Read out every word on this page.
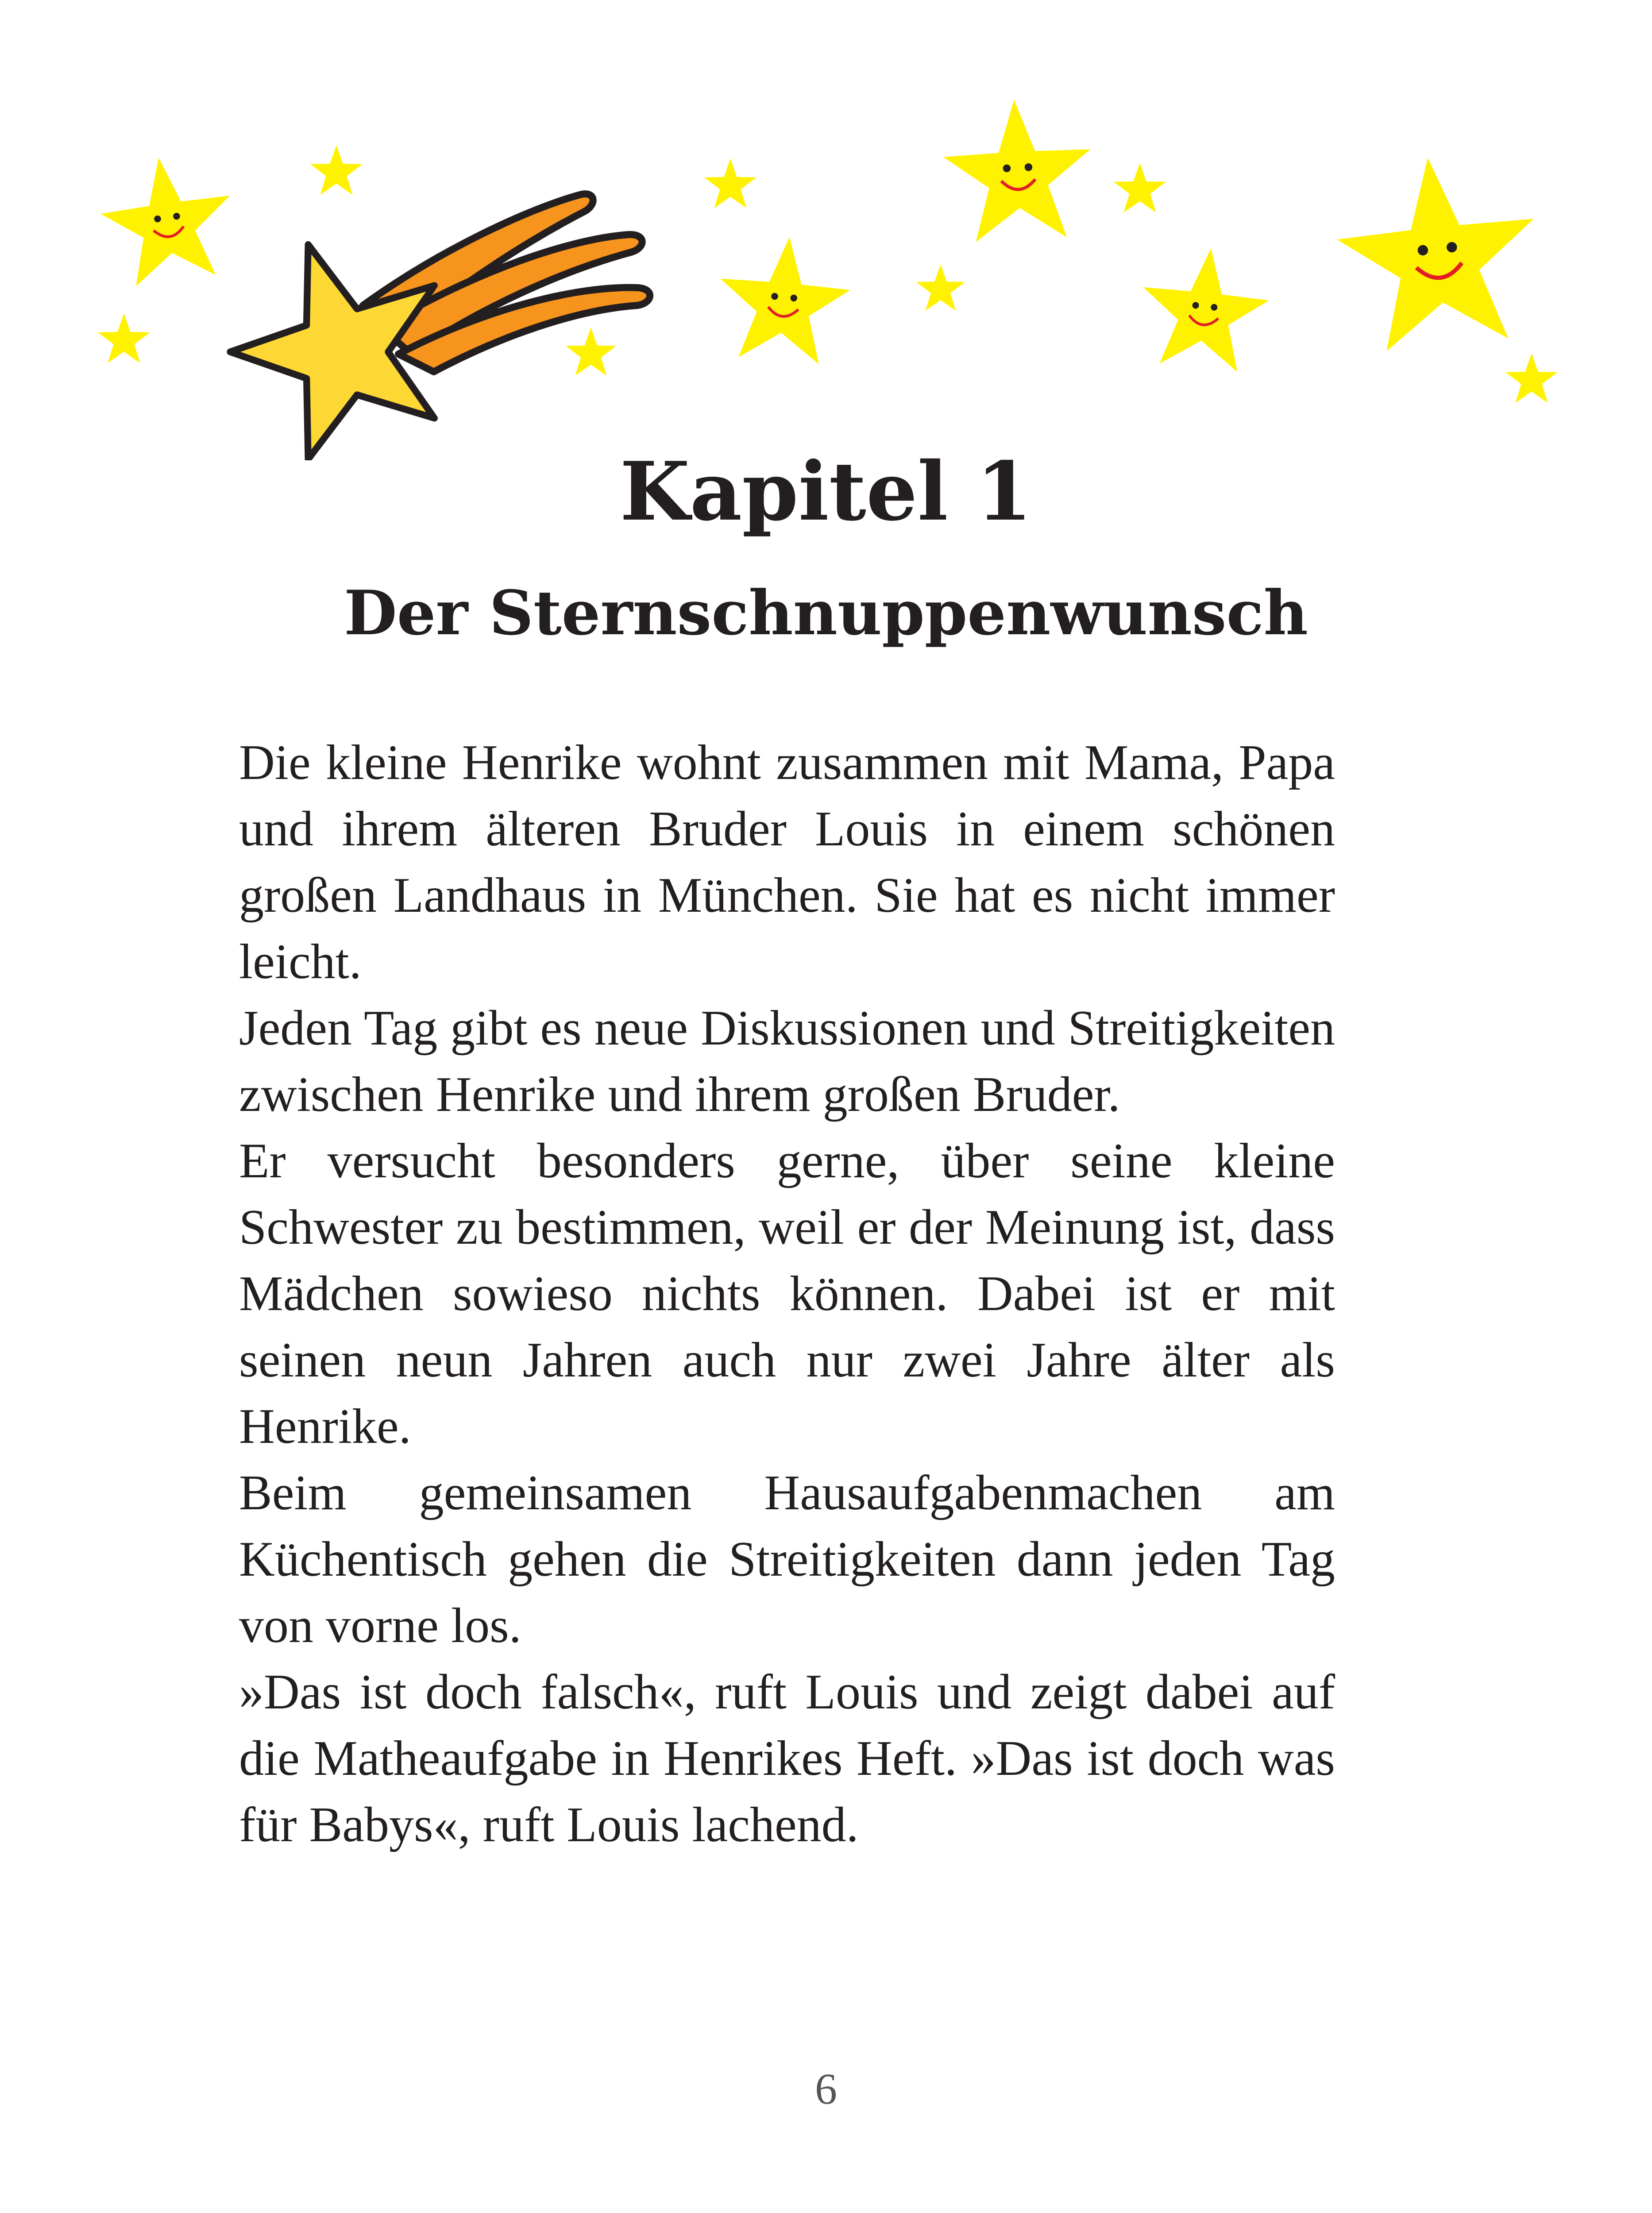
Kapitel 1
Der Sternschnuppenwunsch

Die kleine Henrike wohnt zusammen mit Mama, Papa und ihrem älteren Bruder Louis in einem schönen großen Landhaus in München. Sie hat es nicht immer leicht.

Jeden Tag gibt es neue Diskussionen und Streitigkeiten zwischen Henrike und ihrem großen Bruder.

Er versucht besonders gerne, über seine kleine Schwester zu bestimmen, weil er der Meinung ist, dass Mädchen sowieso nichts können. Dabei ist er mit seinen neun Jahren auch nur zwei Jahre älter als Henrike.

Beim gemeinsamen Hausaufgabenmachen am Küchentisch gehen die Streitigkeiten dann jeden Tag von vorne los.

»Das ist doch falsch«, ruft Louis und zeigt dabei auf die Matheaufgabe in Henrikes Heft. »Das ist doch was für Babys«, ruft Louis lachend.

6
